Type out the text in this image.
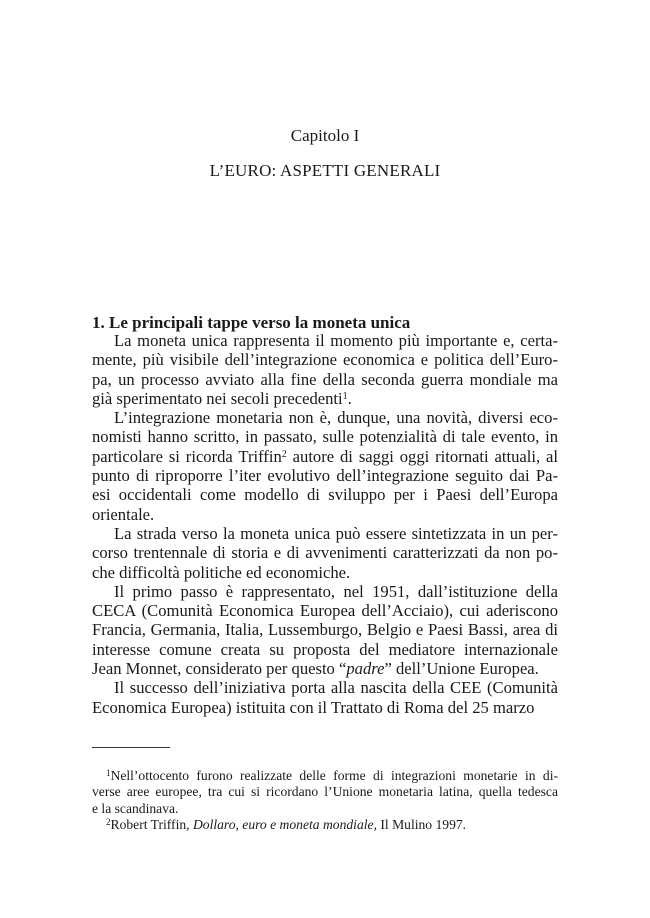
Capitolo I
L’EURO: ASPETTI GENERALI
1. Le principali tappe verso la moneta unica
La moneta unica rappresenta il momento più importante e, certa-
mente, più visibile dell’integrazione economica e politica dell’Euro-
pa, un processo avviato alla fine della seconda guerra mondiale ma
già sperimentato nei secoli precedenti$^1$.
L’integrazione monetaria non è, dunque, una novità, diversi eco-
nomisti hanno scritto, in passato, sulle potenzialità di tale evento, in
particolare si ricorda Triffin$^2$ autore di saggi oggi ritornati attuali, al
punto di riproporre l’iter evolutivo dell’integrazione seguito dai Pa-
esi occidentali come modello di sviluppo per i Paesi dell’Europa
orientale.
La strada verso la moneta unica può essere sintetizzata in un per-
corso trentennale di storia e di avvenimenti caratterizzati da non po-
che difficoltà politiche ed economiche.
Il primo passo è rappresentato, nel 1951, dall’istituzione della
CECA (Comunità Economica Europea dell’Acciaio), cui aderiscono
Francia, Germania, Italia, Lussemburgo, Belgio e Paesi Bassi, area di
interesse comune creata su proposta del mediatore internazionale
Jean Monnet, considerato per questo “padre” dell’Unione Europea.
Il successo dell’iniziativa porta alla nascita della CEE (Comunità
Economica Europea) istituita con il Trattato di Roma del 25 marzo
$^1$Nell’ottocento furono realizzate delle forme di integrazioni monetarie in di-
verse aree europee, tra cui si ricordano l’Unione monetaria latina, quella tedesca
e la scandinava.
$^2$Robert Triffin, Dollaro, euro e moneta mondiale, Il Mulino 1997.
